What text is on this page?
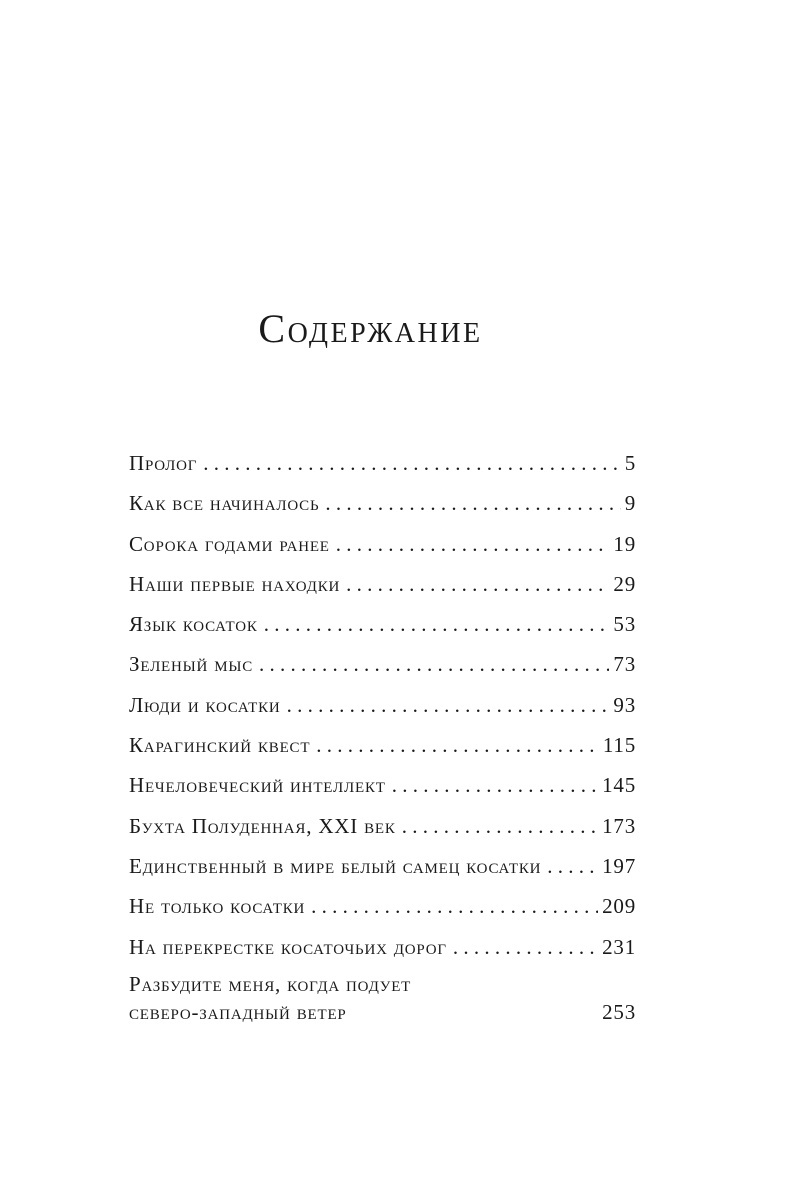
Содержание
Пролог . . .	5
Как все начиналось . . .	9
Сорока годами ранее . . .	19
Наши первые находки . . .	29
Язык косаток . . .	53
Зеленый мыс . . .	73
Люди и косатки . . .	93
Карагинский квест . . .	115
Нечеловеческий интеллект . . .	145
Бухта Полуденная, XXI век . . .	173
Единственный в мире белый самец косатки . . .	197
Не только косатки . . .	209
На перекрестке косаточьих дорог . . .	231
Разбудите меня, когда подует
северо-западный ветер	253
